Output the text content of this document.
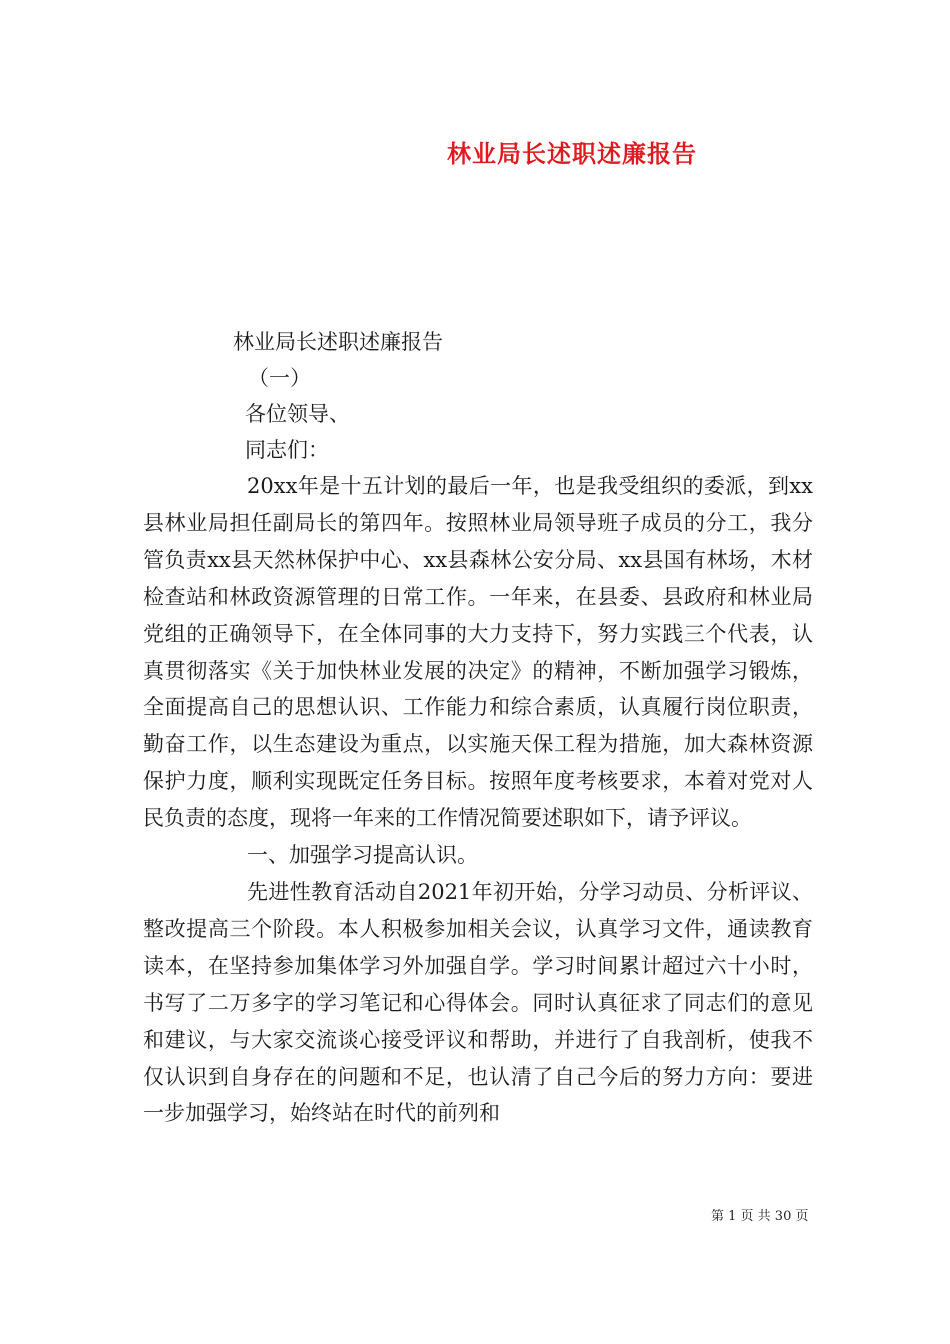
林业局长述职述廉报告
林业局长述职述廉报告
（一）
各位领导、
同志们：

20xx年是十五计划的最后一年，也是我受组织的委派，到xx县林业局担任副局长的第四年。按照林业局领导班子成员的分工，我分管负责xx县天然林保护中心、xx县森林公安分局、xx县国有林场，木材检查站和林政资源管理的日常工作。一年来，在县委、县政府和林业局党组的正确领导下，在全体同事的大力支持下，努力实践三个代表，认真贯彻落实《关于加快林业发展的决定》的精神，不断加强学习锻炼，全面提高自己的思想认识、工作能力和综合素质，认真履行岗位职责，勤奋工作，以生态建设为重点，以实施天保工程为措施，加大森林资源保护力度，顺利实现既定任务目标。按照年度考核要求，本着对党对人民负责的态度，现将一年来的工作情况简要述职如下，请予评议。

一、加强学习提高认识。

先进性教育活动自2021年初开始，分学习动员、分析评议、整改提高三个阶段。本人积极参加相关会议，认真学习文件，通读教育读本，在坚持参加集体学习外加强自学。学习时间累计超过六十小时，书写了二万多字的学习笔记和心得体会。同时认真征求了同志们的意见和建议，与大家交流谈心接受评议和帮助，并进行了自我剖析，使我不仅认识到自身存在的问题和不足，也认清了自己今后的努力方向：要进一步加强学习，始终站在时代的前列和

第 1 页 共 30 页
